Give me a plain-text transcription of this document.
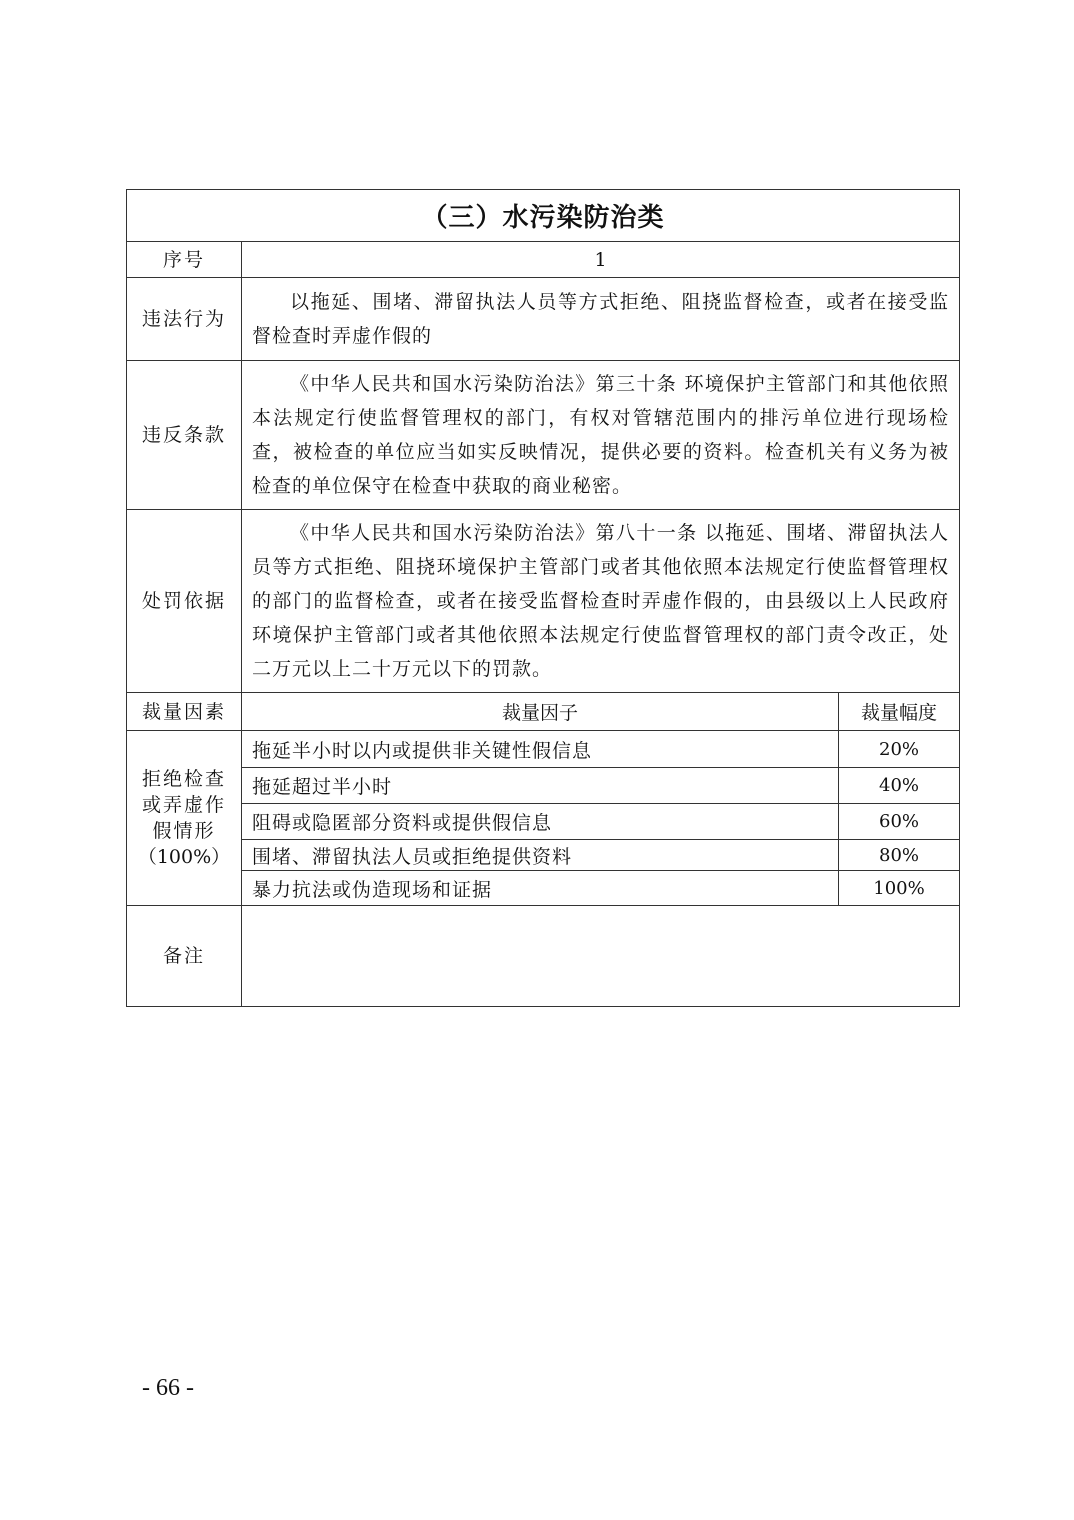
（三）水污染防治类		
序号	1	
违法行为	以拖延、围堵、滞留执法人员等方式拒绝、阻挠监督检查，或者在接受监督检查时弄虚作假的	

违反条款	《中华人民共和国水污染防治法》第三十条 环境保护主管部门和其他依照本法规定行使监督管理权的部门，有权对管辖范围内的排污单位进行现场检查，被检查的单位应当如实反映情况，提供必要的资料。检查机关有义务为被检查的单位保守在检查中获取的商业秘密。	

处罚依据	《中华人民共和国水污染防治法》第八十一条 以拖延、围堵、滞留执法人员等方式拒绝、阻挠环境保护主管部门或者其他依照本法规定行使监督管理权的部门的监督检查，或者在接受监督检查时弄虚作假的，由县级以上人民政府环境保护主管部门或者其他依照本法规定行使监督管理权的部门责令改正，处二万元以上二十万元以下的罚款。	

裁量因素	裁量因子	裁量幅度

拒绝检查
或弄虚作
假情形
（100%）	拖延半小时以内或提供非关键性假信息	20%
	拖延超过半小时	40%
	阻碍或隐匿部分资料或提供假信息	60%
	围堵、滞留执法人员或拒绝提供资料	80%
	暴力抗法或伪造现场和证据	100%
备注		
- 66 -
